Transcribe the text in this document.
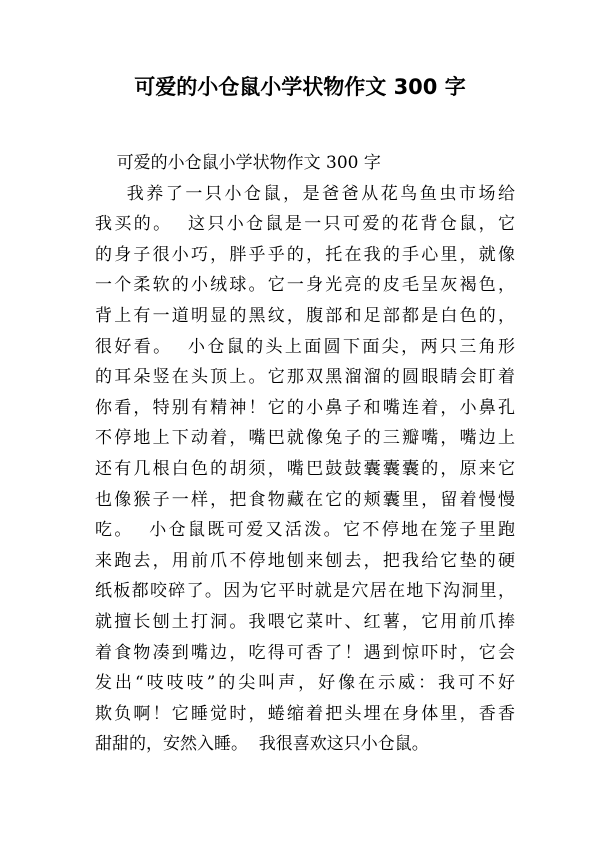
可爱的小仓鼠小学状物作文 300 字
可爱的小仓鼠小学状物作文 300 字
我养了一只小仓鼠，是爸爸从花鸟鱼虫市场给
我买的。  这只小仓鼠是一只可爱的花背仓鼠，它
的身子很小巧，胖乎乎的，托在我的手心里，就像
一个柔软的小绒球。它一身光亮的皮毛呈灰褐色，
背上有一道明显的黑纹，腹部和足部都是白色的，
很好看。  小仓鼠的头上面圆下面尖，两只三角形
的耳朵竖在头顶上。它那双黑溜溜的圆眼睛会盯着
你看，特别有精神！它的小鼻子和嘴连着，小鼻孔
不停地上下动着，嘴巴就像兔子的三瓣嘴，嘴边上
还有几根白色的胡须，嘴巴鼓鼓囊囊囊的，原来它
也像猴子一样，把食物藏在它的颊囊里，留着慢慢
吃。  小仓鼠既可爱又活泼。它不停地在笼子里跑
来跑去，用前爪不停地刨来刨去，把我给它垫的硬
纸板都咬碎了。因为它平时就是穴居在地下沟洞里，
就擅长刨土打洞。我喂它菜叶、红薯，它用前爪捧
着食物凑到嘴边，吃得可香了！遇到惊吓时，它会
发出“吱吱吱”的尖叫声，好像在示威：我可不好
欺负啊！它睡觉时，蜷缩着把头埋在身体里，香香
甜甜的，安然入睡。  我很喜欢这只小仓鼠。
